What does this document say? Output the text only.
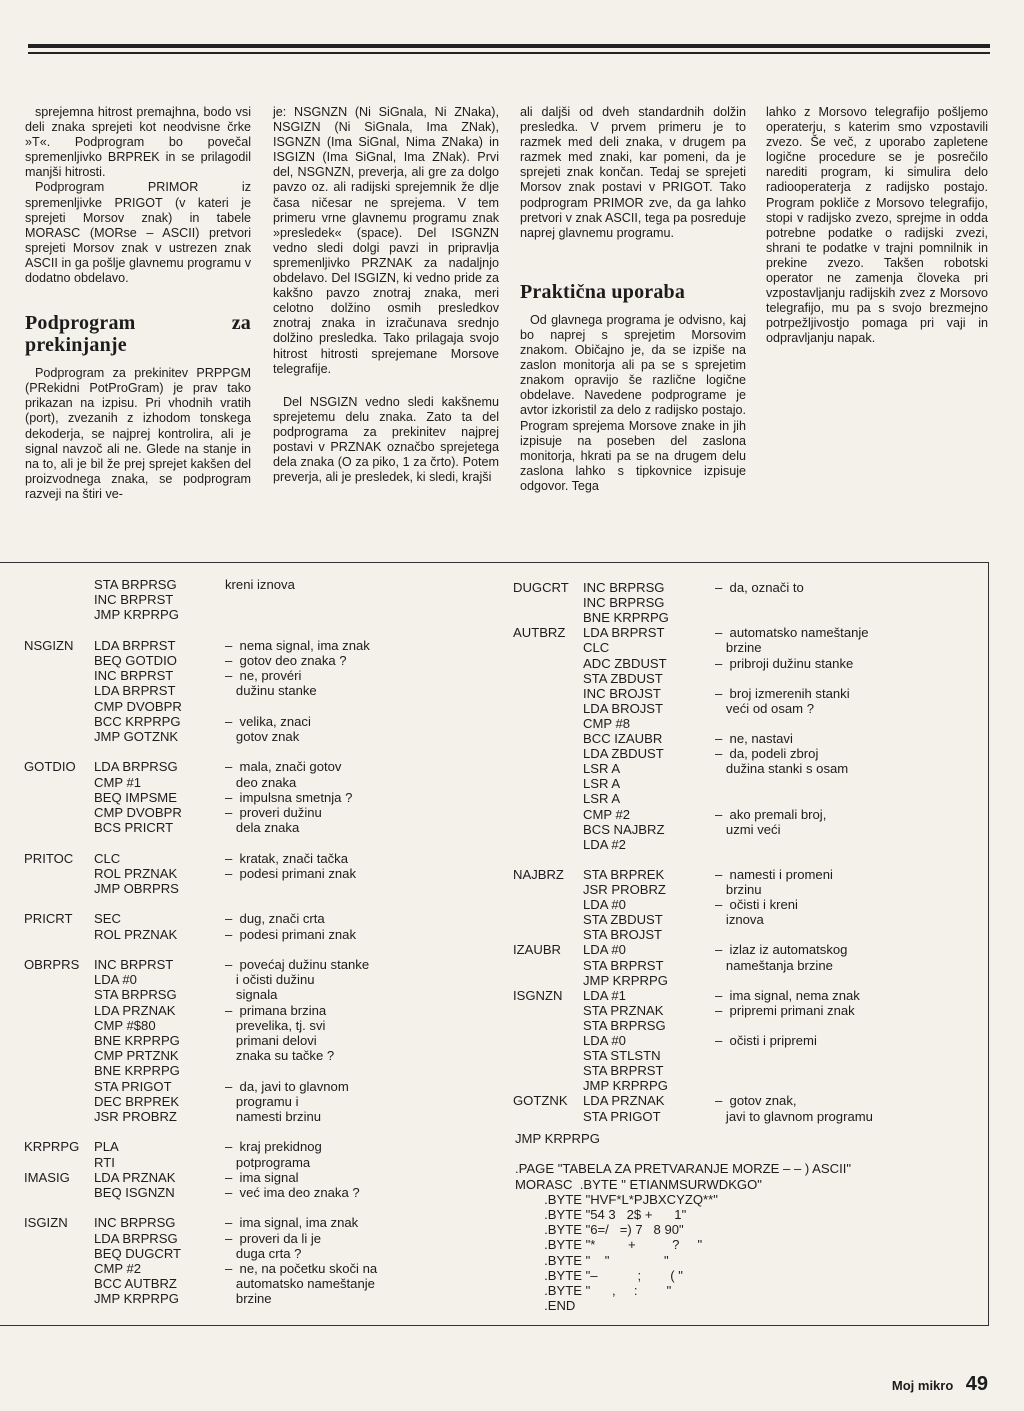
sprejemna hitrost premajhna, bodo vsi deli znaka sprejeti kot neodvisne črke »T«. Podprogram bo povečal spremenljivko BRPREK in se prilagodil manjši hitrosti.

Podprogram PRIMOR iz spremenljivke PRIGOT (v kateri je sprejeti Morsov znak) in tabele MORASC (MORse – ASCII) pretvori sprejeti Morsov znak v ustrezen znak ASCII in ga pošlje glavnemu programu v dodatno obdelavo.

Podprogram za prekinjanje

Podprogram za prekinitev PRPPGM (PRekidni PotProGram) je prav tako prikazan na izpisu. Pri vhodnih vratih (port), zvezanih z izhodom tonskega dekoderja, se najprej kontrolira, ali je signal navzoč ali ne. Glede na stanje in na to, ali je bil že prej sprejet kakšen del proizvodnega znaka, se podprogram razveji na štiri ve-

je: NSGNZN (Ni SiGnala, Ni ZNaka), NSGIZN (Ni SiGnala, Ima ZNak), ISGNZN (Ima SiGnal, Nima ZNaka) in ISGIZN (Ima SiGnal, Ima ZNak). Prvi del, NSGNZN, preverja, ali gre za dolgo pavzo oz. ali radijski sprejemnik že dlje časa ničesar ne sprejema. V tem primeru vrne glavnemu programu znak »presledek« (space). Del ISGNZN vedno sledi dolgi pavzi in pripravlja spremenljivko PRZNAK za nadaljnjo obdelavo. Del ISGIZN, ki vedno pride za kakšno pavzo znotraj znaka, meri celotno dolžino osmih presledkov znotraj znaka in izračunava srednjo dolžino presledka. Tako prilagaja svojo hitrost hitrosti sprejemane Morsove telegrafije.

Del NSGIZN vedno sledi kakšnemu sprejetemu delu znaka. Zato ta del podprograma za prekinitev najprej postavi v PRZNAK označbo sprejetega dela znaka (O za piko, 1 za črto). Potem preverja, ali je presledek, ki sledi, krajši

ali daljši od dveh standardnih dolžin presledka. V prvem primeru je to razmek med deli znaka, v drugem pa razmek med znaki, kar pomeni, da je sprejeti znak končan. Tedaj se sprejeti Morsov znak postavi v PRIGOT. Tako podprogram PRIMOR zve, da ga lahko pretvori v znak ASCII, tega pa posreduje naprej glavnemu programu.

Praktična uporaba

Od glavnega programa je odvisno, kaj bo naprej s sprejetim Morsovim znakom. Običajno je, da se izpiše na zaslon monitorja ali pa se s sprejetim znakom opravijo še različne logične obdelave. Navedene podprograme je avtor izkoristil za delo z radijsko postajo. Program sprejema Morsove znake in jih izpisuje na poseben del zaslona monitorja, hkrati pa se na drugem delu zaslona lahko s tipkovnice izpisuje odgovor. Tega

lahko z Morsovo telegrafijo pošljemo operaterju, s katerim smo vzpostavili zvezo. Še več, z uporabo zapletene logične procedure se je posrečilo narediti program, ki simulira delo radiooperaterja z radijsko postajo. Program pokliče z Morsovo telegrafijo, stopi v radijsko zvezo, sprejme in odda potrebne podatke o radijski zvezi, shrani te podatke v trajni pomnilnik in prekine zvezo. Takšen robotski operator ne zamenja človeka pri vzpostavljanju radijskih zvez z Morsovo telegrafijo, mu pa s svojo brezmejno potrpežljivostjo pomaga pri vaji in odpravljanju napak.

STA BRPRSG	kreni iznova
INC BRPRST
JMP KRPRPG
NSGIZN LDA BRPRST	–  nema signal, ima znak
BEQ GOTDIO	–  gotov deo znaka ?
INC BRPRST	–  ne, provéri
LDA BRPRST	dužinu stanke
CMP DVOBPR
BCC KRPRPG	–  velika, znaci
JMP GOTZNK	gotov znak
GOTDIO LDA BRPRSG	–  mala, znači gotov
CMP #1	deo znaka
BEQ IMPSME	–  impulsna smetnja ?
CMP DVOBPR	–  proveri dužinu
BCS PRICRT	dela znaka
PRITOC CLC	–  kratak, znači tačka
ROL PRZNAK	–  podesi primani znak
JMP OBRPRS
PRICRT SEC	–  dug, znači crta
ROL PRZNAK	–  podesi primani znak
OBRPRS INC BRPRST	–  povećaj dužinu stanke
LDA #0	i očisti dužinu
STA BRPRSG	signala
LDA PRZNAK	–  primana brzina
CMP #$80	prevelika, tj. svi
BNE KRPRPG	primani delovi
CMP PRTZNK	znaka su tačke ?
BNE KRPRPG
STA PRIGOT	–  da, javi to glavnom
DEC BRPREK	programu i
JSR PROBRZ	namesti brzinu
KRPRPG PLA	–  kraj prekidnog
RTI	potprograma
IMASIG LDA PRZNAK	–  ima signal
BEQ ISGNZN	–  već ima deo znaka ?
ISGIZN INC BRPRSG	–  ima signal, ima znak
LDA BRPRSG	–  proveri da li je
BEQ DUGCRT	duga crta ?
CMP #2	–  ne, na početku skoči na
BCC AUTBRZ	automatsko nameštanje
JMP KRPRPG	brzine
DUGCRT INC BRPRSG	–  da, označi to
INC BRPRSG
BNE KRPRPG
AUTBRZ LDA BRPRST	–  automatsko nameštanje
CLC	brzine
ADC ZBDUST	–  pribroji dužinu stanke
STA ZBDUST
INC BROJST	–  broj izmerenih stanki
LDA BROJST	veći od osam ?
CMP #8
BCC IZAUBR	–  ne, nastavi
LDA ZBDUST	–  da, podeli zbroj
LSR A	dužina stanki s osam
LSR A
LSR A
CMP #2	–  ako premali broj,
BCS NAJBRZ	uzmi veći
LDA #2
NAJBRZ STA BRPREK	–  namesti i promeni
JSR PROBRZ	brzinu
LDA #0	–  očisti i kreni
STA ZBDUST	iznova
STA BROJST
IZAUBR LDA #0	–  izlaz iz automatskog
STA BRPRST	nameštanja brzine
JMP KRPRPG
ISGNZN LDA #1	–  ima signal, nema znak
STA PRZNAK	–  pripremi primani znak
STA BRPRSG
LDA #0	–  očisti i pripremi
STA STLSTN
STA BRPRST
JMP KRPRPG
GOTZNK LDA PRZNAK	–  gotov znak,
STA PRIGOT	javi to glavnom programu
JMP KRPRPG
.PAGE "TABELA ZA PRETVARANJE MORZE – – ) ASCII"
MORASC  .BYTE " ETIANMSURWDKGO"
.BYTE "HVF*L*PJBXCYZQ**"
.BYTE "54 3   2$ +      1"
.BYTE "6=/   =) 7   8 90"
.BYTE "*         +          ?     "
.BYTE "    "               "
.BYTE "–           ;        ( "
.BYTE "      ,     :        "
.END
Moj mikro 49
